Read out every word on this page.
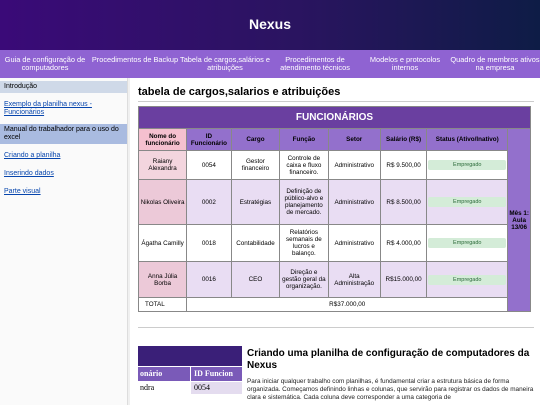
Nexus
Guia de configuração de computadores
Procedimentos de Backup Tabela de cargos,salários e atribuições
Procedimentos de atendimento técnicos
Modelos e protocolos internos
Quadro de membros ativos na empresa
Introdução
Exemplo da planilha nexus - Funcionários
Manual do trabalhador para o uso do excel
Criando a planilha
Inserindo dados
Parte visual
tabela de cargos,salarios e atribuições
FUNCIONÁRIOS							
Nome do funcionário	ID Funcionário	Cargo	Função	Setor	Salário (R$)	Status (Ativo/Inativo)	Mês 1: Aula 13/06
Raiany Alexandra	0054	Gestor financeiro	Controle de caixa e fluxo financeiro.	Administrativo	R$ 9.500,00	Empregado	
Nikolas Oliveira	0002	Estratégias	Definição de público-alvo e planejamento de mercado.	Administrativo	R$ 8.500,00	Empregado	
Ágatha Camilly	0018	Contabilidade	Relatórios semanais de lucros e balanço.	Administrativo	R$ 4.000,00	Empregado	
Anna Júlia Borba	0016	CEO	Direção e gestão geral da organização.	Alta Administração	R$15.000,00	Empregado	
TOTAL	R$37.000,00						
onário	ID Funcion
ndra	0054
Criando uma planilha de configuração de computadores da Nexus

Para iniciar qualquer trabalho com planilhas, é fundamental criar a estrutura básica de forma organizada. Começamos definindo linhas e colunas, que servirão para registrar os dados de maneira clara e sistemática. Cada coluna deve corresponder a uma categoria de
